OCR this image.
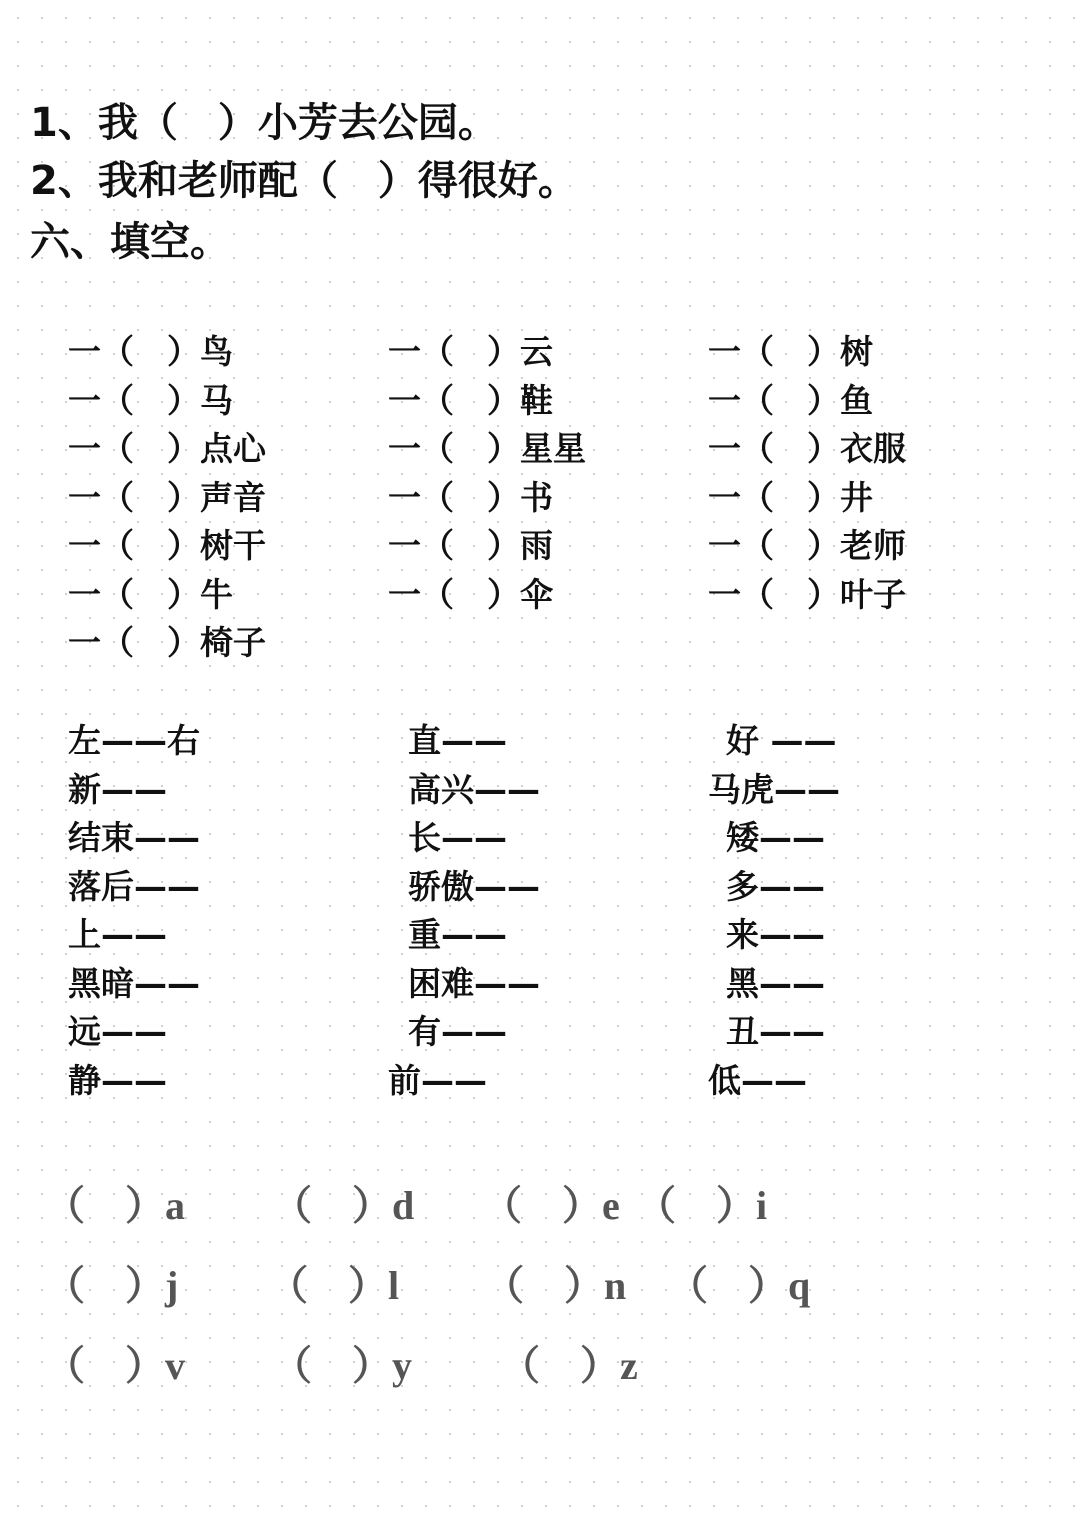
1、我（　）小芳去公园。
2、我和老师配（　）得很好。
六、填空。
一（　）鸟	一（　）云	一（　）树
一（　）马	一（　）鞋	一（　）鱼
一（　）点心	一（　）星星	一（　）衣服
一（　）声音	一（　）书	一（　）井
一（　）树干	一（　）雨	一（　）老师
一（　）牛	一（　）伞	一（　）叶子
一（　）椅子
左——右	直——	好 ——
新——	高兴——	马虎——
结束——	长——	矮——
落后——	骄傲——	多——
上——	重——	来——
黑暗——	困难——	黑——
远——	有——	丑——
静——	前——	低——
（　）a （　）d （　）e （　）i
（　）j （　）l （　）n （　）q
（　）v （　）y （　）z
